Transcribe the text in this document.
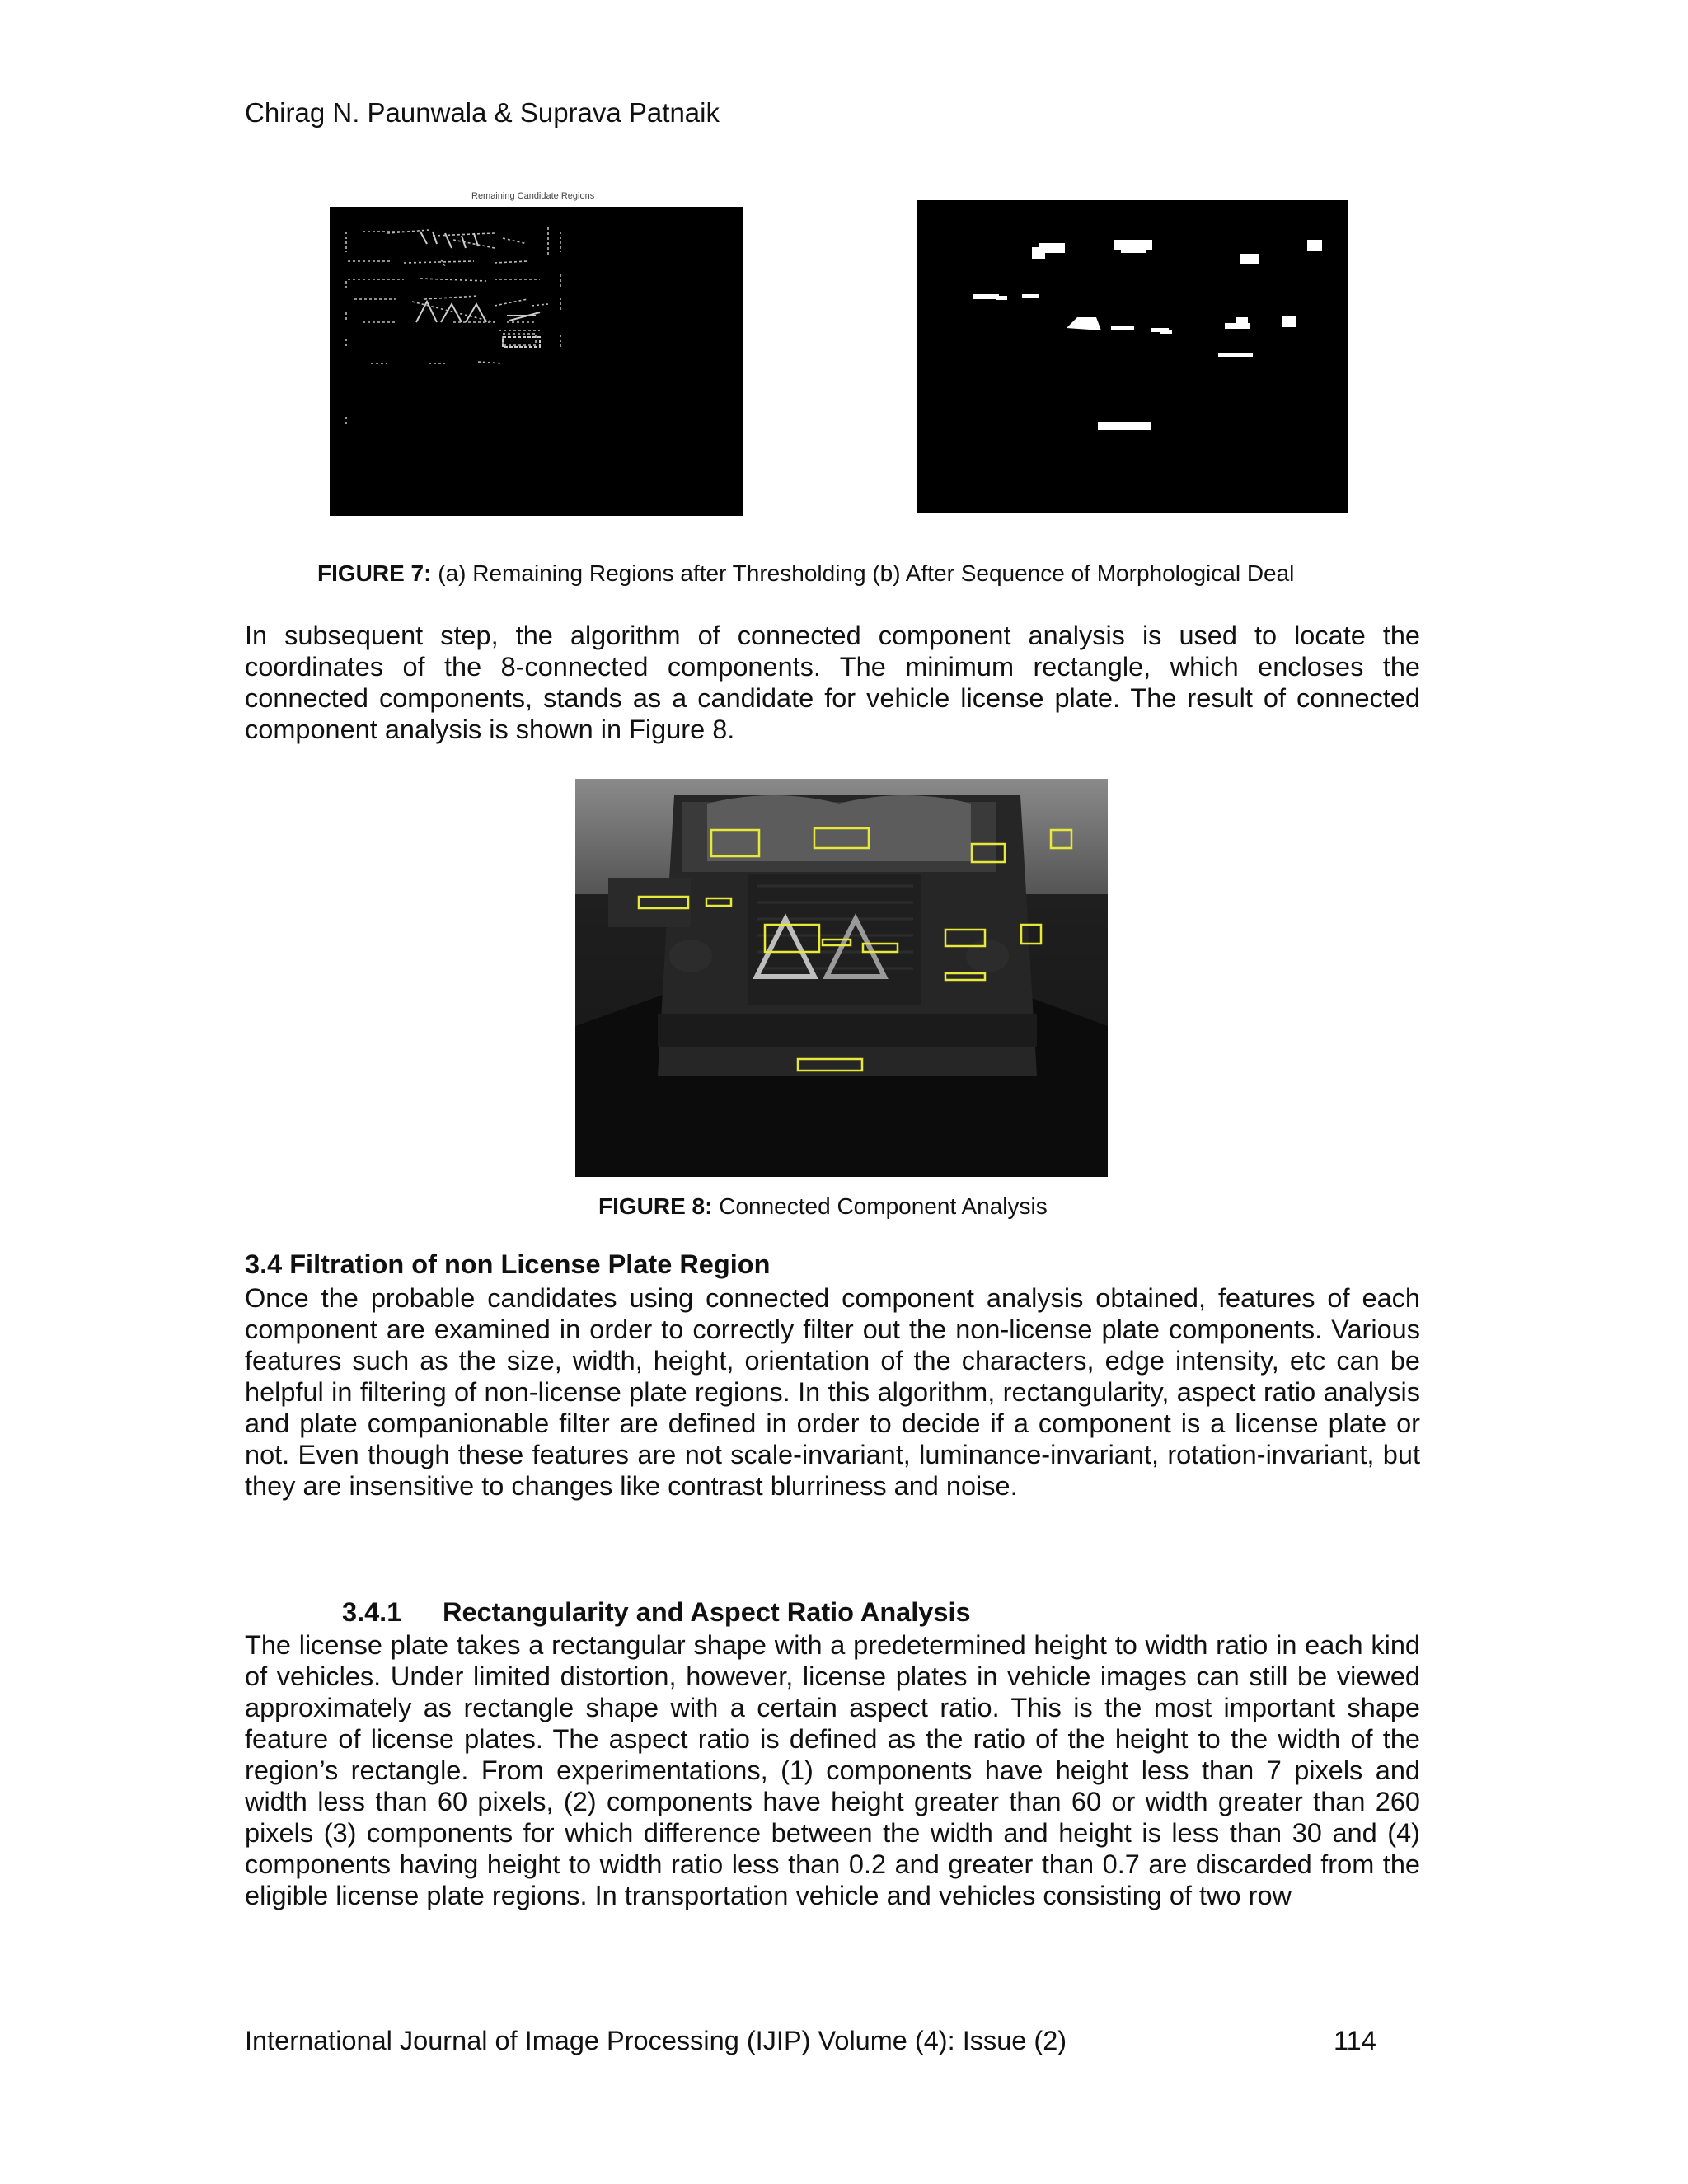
Chirag N. Paunwala & Suprava Patnaik
Remaining Candidate Regions
FIGURE 7: (a) Remaining Regions after Thresholding (b) After Sequence of Morphological Deal
In subsequent step, the algorithm of connected component analysis is used to locate the coordinates of the 8-connected components. The minimum rectangle, which encloses the connected components, stands as a candidate for vehicle license plate. The result of connected component analysis is shown in Figure 8.
FIGURE 8: Connected Component Analysis
3.4 Filtration of non License Plate Region
Once the probable candidates using connected component analysis obtained, features of each component are examined in order to correctly filter out the non-license plate components. Various features such as the size, width, height, orientation of the characters, edge intensity, etc can be helpful in filtering of non-license plate regions. In this algorithm, rectangularity, aspect ratio analysis and plate companionable filter are defined in order to decide if a component is a license plate or not. Even though these features are not scale-invariant, luminance-invariant, rotation-invariant, but they are insensitive to changes like contrast blurriness and noise.
3.4.1 Rectangularity and Aspect Ratio Analysis
The license plate takes a rectangular shape with a predetermined height to width ratio in each kind of vehicles. Under limited distortion, however, license plates in vehicle images can still be viewed approximately as rectangle shape with a certain aspect ratio. This is the most important shape feature of license plates. The aspect ratio is defined as the ratio of the height to the width of the region’s rectangle. From experimentations, (1) components have height less than 7 pixels and width less than 60 pixels, (2) components have height greater than 60 or width greater than 260 pixels (3) components for which difference between the width and height is less than 30 and (4) components having height to width ratio less than 0.2 and greater than 0.7 are discarded from the eligible license plate regions. In transportation vehicle and vehicles consisting of two row
International Journal of Image Processing (IJIP) Volume (4): Issue (2)	114
